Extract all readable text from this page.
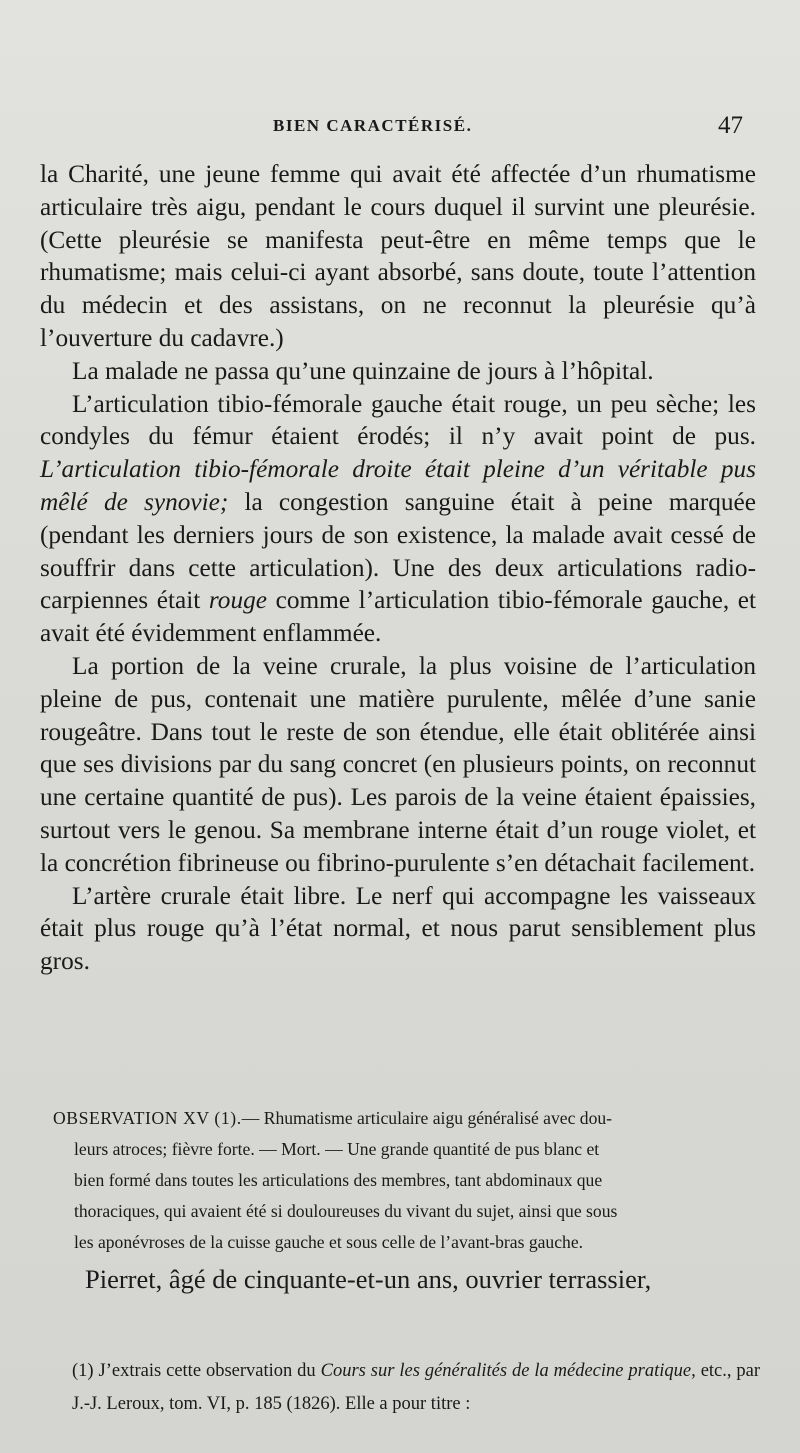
BIEN CARACTÉRISÉ.	47

la Charité, une jeune femme qui avait été affectée d’un rhumatisme articulaire très aigu, pendant le cours duquel il survint une pleurésie. (Cette pleurésie se manifesta peut-être en même temps que le rhumatisme; mais celui-ci ayant absorbé, sans doute, toute l’attention du médecin et des assistans, on ne reconnut la pleurésie qu’à l’ouverture du cadavre.)

La malade ne passa qu’une quinzaine de jours à l’hôpital.

L’articulation tibio-fémorale gauche était rouge, un peu sèche; les condyles du fémur étaient érodés; il n’y avait point de pus. L’articulation tibio-fémorale droite était pleine d’un véritable pus mêlé de synovie; la congestion sanguine était à peine marquée (pendant les derniers jours de son existence, la malade avait cessé de souffrir dans cette articulation). Une des deux articulations radio-carpiennes était rouge comme l’articulation tibio-fémorale gauche, et avait été évidemment enflammée.

La portion de la veine crurale, la plus voisine de l’articulation pleine de pus, contenait une matière purulente, mêlée d’une sanie rougeâtre. Dans tout le reste de son étendue, elle était oblitérée ainsi que ses divisions par du sang concret (en plusieurs points, on reconnut une certaine quantité de pus). Les parois de la veine étaient épaissies, surtout vers le genou. Sa membrane interne était d’un rouge violet, et la concrétion fibrineuse ou fibrino-purulente s’en détachait facilement.

L’artère crurale était libre. Le nerf qui accompagne les vaisseaux était plus rouge qu’à l’état normal, et nous parut sensiblement plus gros.

OBSERVATION XV (1).— Rhumatisme articulaire aigu généralisé avec dou-
leurs atroces; fièvre forte. — Mort. — Une grande quantité de pus blanc et
bien formé dans toutes les articulations des membres, tant abdominaux que
thoraciques, qui avaient été si douloureuses du vivant du sujet, ainsi que sous
les aponévroses de la cuisse gauche et sous celle de l’avant-bras gauche.
Pierret, âgé de cinquante-et-un ans, ouvrier terrassier,
(1) J’extrais cette observation du Cours sur les généralités de la médecine pratique, etc., par J.-J. Leroux, tom. VI, p. 185 (1826). Elle a pour titre :
